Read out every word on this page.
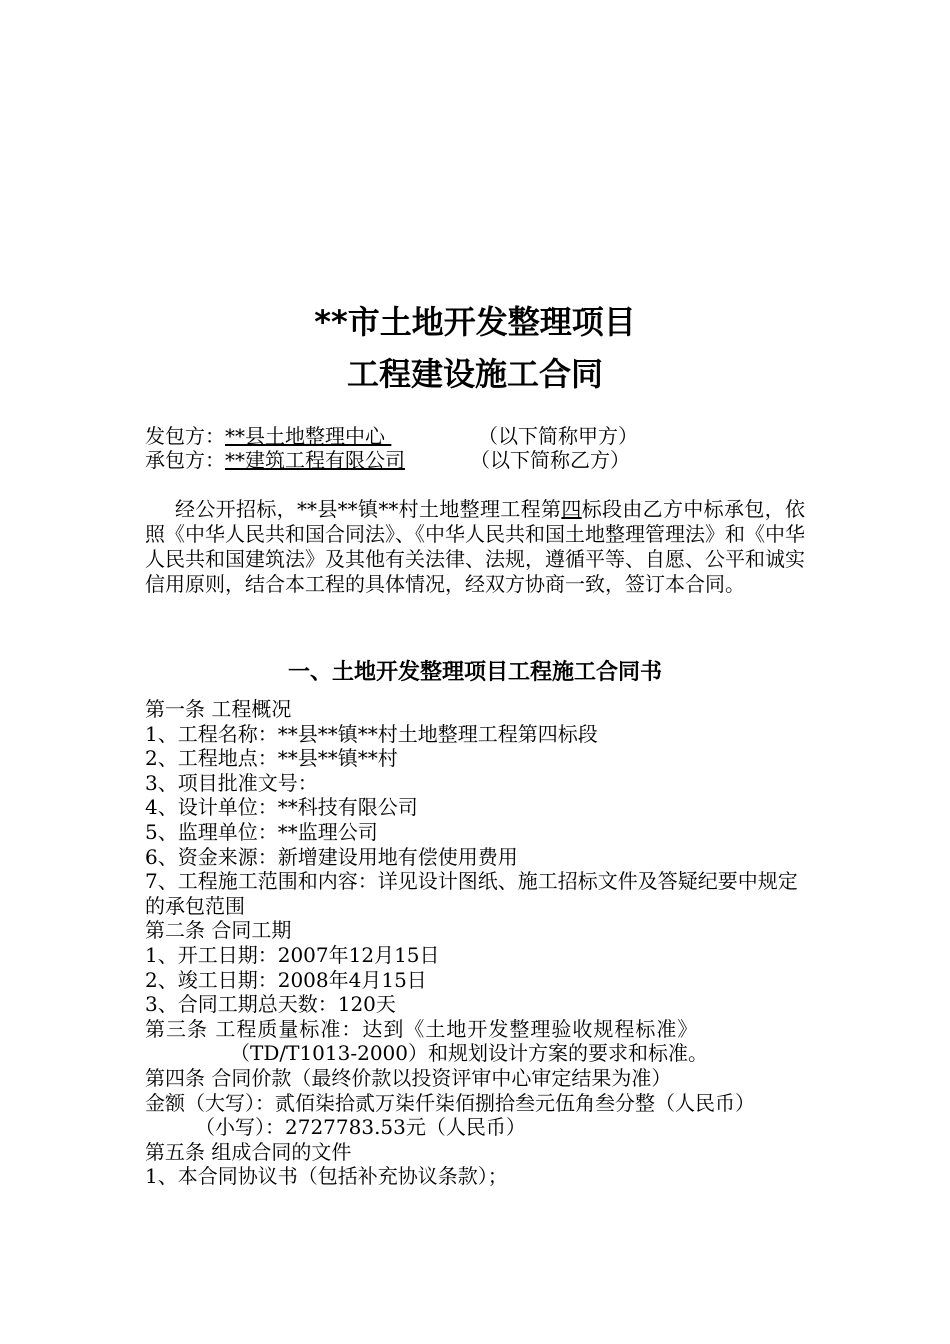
**市土地开发整理项目
工程建设施工合同
发包方：**县土地整理中心	（以下简称甲方）
承包方：**建筑工程有限公司	（以下简称乙方）
经公开招标，**县**镇**村土地整理工程第四标段由乙方中标承包，依照《中华人民共和国合同法》、《中华人民共和国土地整理管理法》和《中华人民共和国建筑法》及其他有关法律、法规，遵循平等、自愿、公平和诚实信用原则，结合本工程的具体情况，经双方协商一致，签订本合同。
一、土地开发整理项目工程施工合同书
第一条 工程概况
1、工程名称：**县**镇**村土地整理工程第四标段
2、工程地点：**县**镇**村
3、项目批准文号：
4、设计单位：**科技有限公司
5、监理单位：**监理公司
6、资金来源：新增建设用地有偿使用费用
7、工程施工范围和内容：详见设计图纸、施工招标文件及答疑纪要中规定的承包范围
第二条 合同工期
1、开工日期：2007年12月15日
2、竣工日期：2008年4月15日
3、合同工期总天数：120天
第三条 工程质量标准：达到《土地开发整理验收规程标准》
（TD/T1013-2000）和规划设计方案的要求和标准。
第四条 合同价款（最终价款以投资评审中心审定结果为准）
金额（大写）：贰佰柒拾贰万柒仟柒佰捌拾叁元伍角叁分整（人民币）
（小写）：2727783.53元（人民币）
第五条 组成合同的文件
1、本合同协议书（包括补充协议条款）；
